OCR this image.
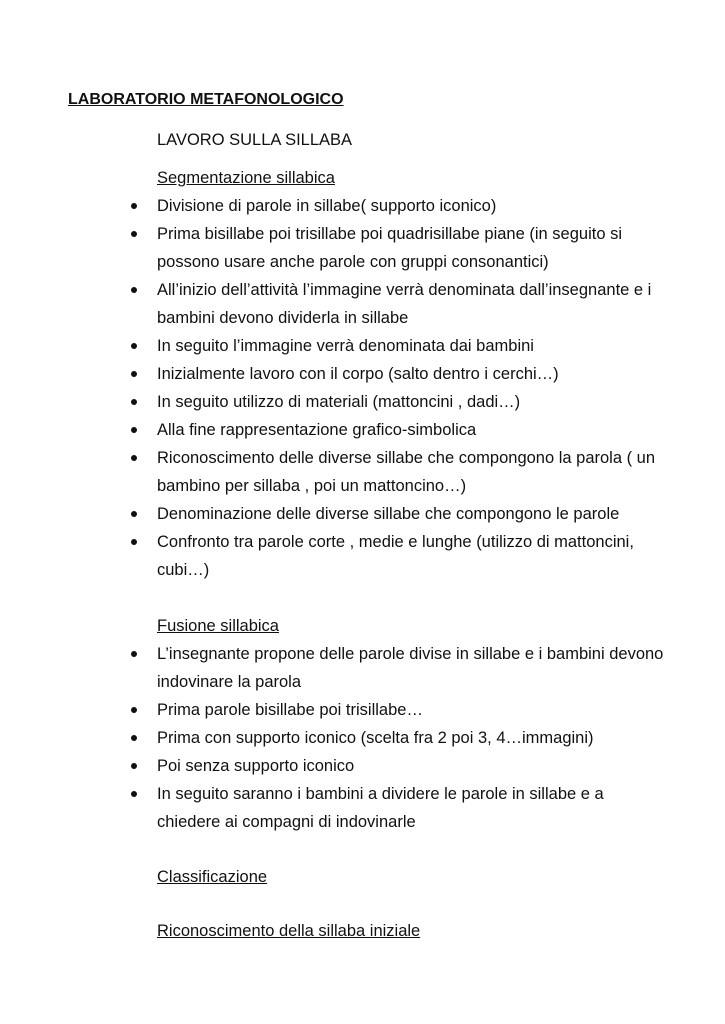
LABORATORIO METAFONOLOGICO
LAVORO SULLA SILLABA
Segmentazione sillabica
Divisione di parole in sillabe( supporto iconico)
Prima bisillabe poi trisillabe poi quadrisillabe piane (in seguito si possono usare anche parole con gruppi consonantici)
All’inizio dell’attività l’immagine verrà denominata dall’insegnante e i bambini devono dividerla in sillabe
In seguito l’immagine verrà denominata dai bambini
Inizialmente lavoro con il corpo (salto dentro i cerchi…)
In seguito utilizzo di materiali (mattoncini , dadi…)
Alla fine rappresentazione grafico-simbolica
Riconoscimento delle diverse sillabe che compongono la parola ( un bambino per sillaba , poi un mattoncino…)
Denominazione delle diverse sillabe che compongono le parole
Confronto tra parole corte , medie e lunghe (utilizzo di mattoncini, cubi…)
Fusione sillabica
L’insegnante propone delle parole divise in sillabe e i bambini devono indovinare la parola
Prima parole bisillabe poi trisillabe…
Prima con supporto iconico (scelta fra 2 poi 3, 4…immagini)
Poi senza supporto iconico
In seguito saranno i bambini a dividere le parole in sillabe e a chiedere ai compagni di indovinarle
Classificazione
Riconoscimento della sillaba iniziale
